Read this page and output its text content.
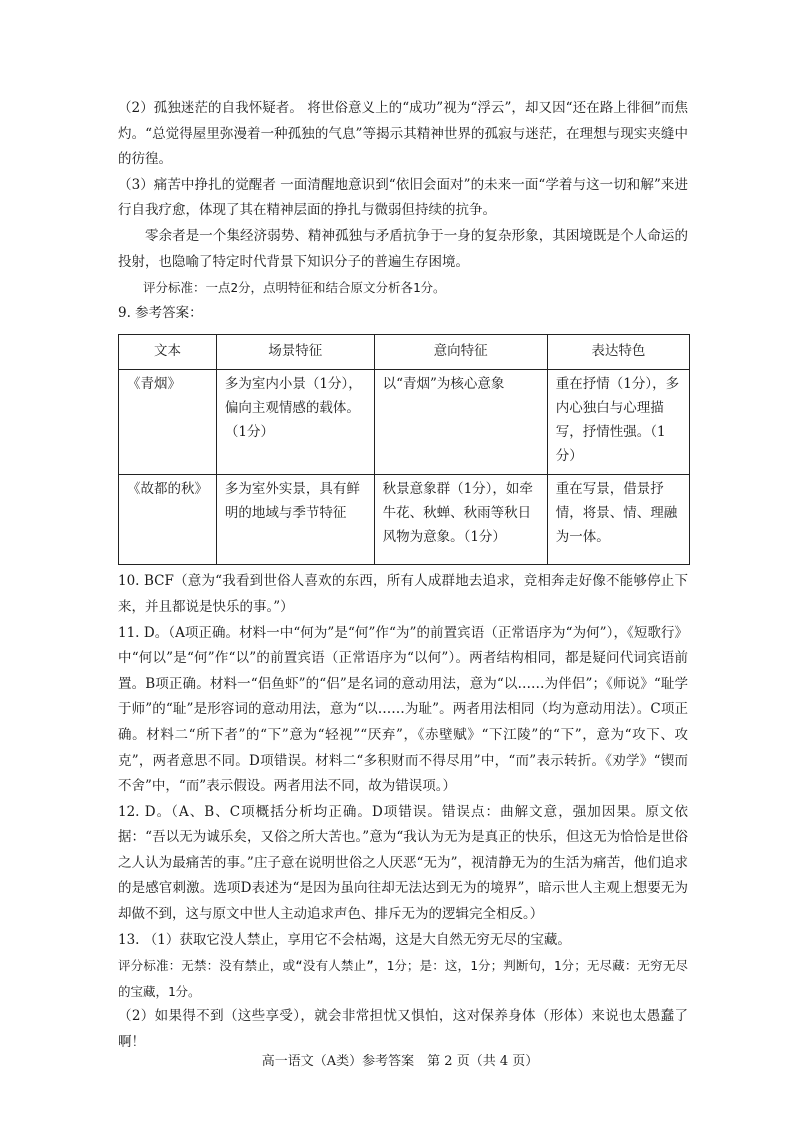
（2）孤独迷茫的自我怀疑者。 将世俗意义上的“成功”视为“浮云”，却又因“还在路上徘徊”而焦灼。“总觉得屋里弥漫着一种孤独的气息”等揭示其精神世界的孤寂与迷茫，在理想与现实夹缝中的彷徨。

（3）痛苦中挣扎的觉醒者 一面清醒地意识到“依旧会面对”的未来一面“学着与这一切和解”来进行自我疗愈，体现了其在精神层面的挣扎与微弱但持续的抗争。

零余者是一个集经济弱势、精神孤独与矛盾抗争于一身的复杂形象，其困境既是个人命运的投射，也隐喻了特定时代背景下知识分子的普遍生存困境。

评分标准：一点2分，点明特征和结合原文分析各1分。

9. 参考答案：

文本	场景特征	意向特征	表达特色
《青烟》	多为室内小景（1分），偏向主观情感的载体。（1分）	以“青烟”为核心意象	重在抒情（1分），多内心独白与心理描写，抒情性强。（1分）
《故都的秋》	多为室外实景，具有鲜明的地域与季节特征	秋景意象群（1分），如牵牛花、秋蝉、秋雨等秋日风物为意象。（1分）	重在写景，借景抒情，将景、情、理融为一体。

10. BCF（意为“我看到世俗人喜欢的东西，所有人成群地去追求，竞相奔走好像不能够停止下来，并且都说是快乐的事。”）

11. D。（A项正确。材料一中“何为”是“何”作“为”的前置宾语（正常语序为“为何”），《短歌行》中“何以”是“何”作“以”的前置宾语（正常语序为“以何”）。两者结构相同，都是疑问代词宾语前置。B项正确。材料一“侣鱼虾”的“侣”是名词的意动用法，意为“以……为伴侣”；《师说》“耻学于师”的“耻”是形容词的意动用法，意为“以……为耻”。两者用法相同（均为意动用法）。C项正确。材料二“所下者”的“下”意为“轻视”“厌弃”，《赤壁赋》“下江陵”的“下”，意为“攻下、攻克”，两者意思不同。D项错误。材料二“多积财而不得尽用”中，“而”表示转折。《劝学》“锲而不舍”中，“而”表示假设。两者用法不同，故为错误项。）

12. D。（A、B、C项概括分析均正确。D项错误。错误点：曲解文意，强加因果。原文依据：“吾以无为诚乐矣，又俗之所大苦也。”意为“我认为无为是真正的快乐，但这无为恰恰是世俗之人认为最痛苦的事。”庄子意在说明世俗之人厌恶“无为”，视清静无为的生活为痛苦，他们追求的是感官刺激。选项D表述为“是因为虽向往却无法达到无为的境界”，暗示世人主观上想要无为却做不到，这与原文中世人主动追求声色、排斥无为的逻辑完全相反。）

13. （1）获取它没人禁止，享用它不会枯竭，这是大自然无穷无尽的宝藏。

评分标准：无禁：没有禁止，或“没有人禁止”，1分；是：这，1分；判断句，1分；无尽藏：无穷无尽的宝藏，1分。

（2）如果得不到（这些享受），就会非常担忧又惧怕，这对保养身体（形体）来说也太愚蠢了啊！

高一语文（A类）参考答案　第 2 页（共 4 页）
